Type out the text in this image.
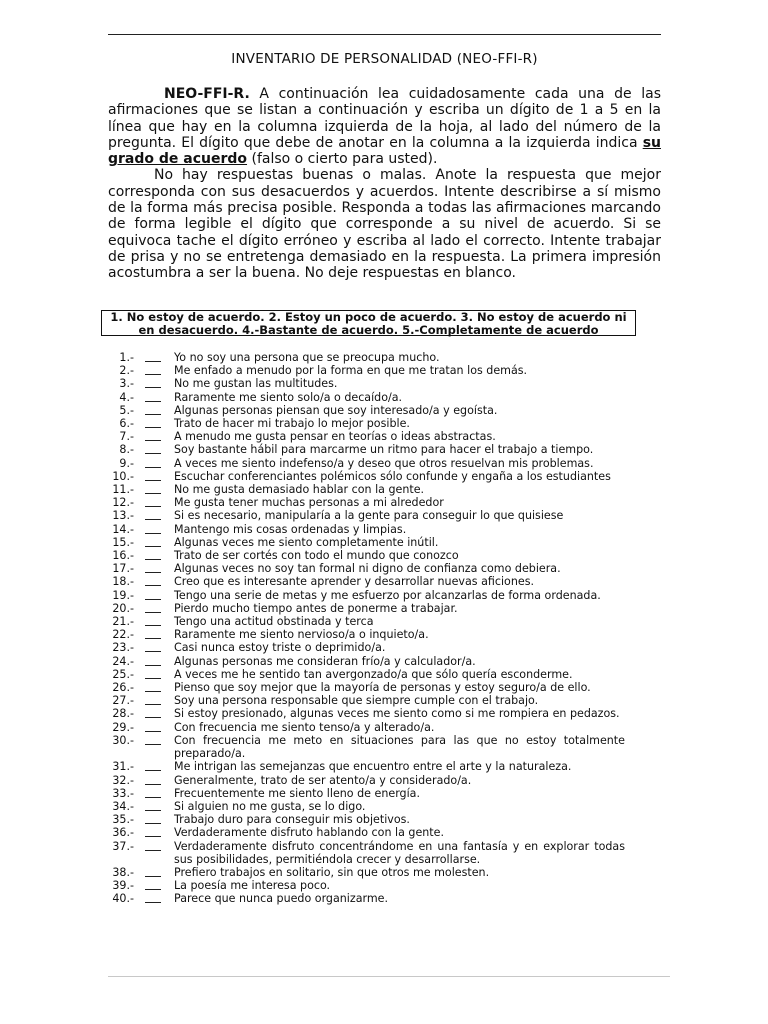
INVENTARIO DE PERSONALIDAD (NEO-FFI-R)

NEO-FFI-R. A continuación lea cuidadosamente cada una de las afirmaciones que se listan a continuación y escriba un dígito de 1 a 5 en la línea que hay en la columna izquierda de la hoja, al lado del número de la pregunta. El dígito que debe de anotar en la columna a la izquierda indica su grado de acuerdo (falso o cierto para usted).

No hay respuestas buenas o malas. Anote la respuesta que mejor corresponda con sus desacuerdos y acuerdos. Intente describirse a sí mismo de la forma más precisa posible. Responda a todas las afirmaciones marcando de forma legible el dígito que corresponde a su nivel de acuerdo. Si se equivoca tache el dígito erróneo y escriba al lado el correcto. Intente trabajar de prisa y no se entretenga demasiado en la respuesta. La primera impresión acostumbra a ser la buena. No deje respuestas en blanco.

1. No estoy de acuerdo. 2. Estoy un poco de acuerdo. 3. No estoy de acuerdo ni
en desacuerdo. 4.-Bastante de acuerdo. 5.-Completamente de acuerdo
1.-	Yo no soy una persona que se preocupa mucho.
2.-	Me enfado a menudo por la forma en que me tratan los demás.
3.-	No me gustan las multitudes.
4.-	Raramente me siento solo/a o decaído/a.
5.-	Algunas personas piensan que soy interesado/a y egoísta.
6.-	Trato de hacer mi trabajo lo mejor posible.
7.-	A menudo me gusta pensar en teorías o ideas abstractas.
8.-	Soy bastante hábil para marcarme un ritmo para hacer el trabajo a tiempo.
9.-	A veces me siento indefenso/a y deseo que otros resuelvan mis problemas.
10.-	Escuchar conferenciantes polémicos sólo confunde y engaña a los estudiantes
11.-	No me gusta demasiado hablar con la gente.
12.-	Me gusta tener muchas personas a mi alrededor
13.-	Si es necesario, manipularía a la gente para conseguir lo que quisiese
14.-	Mantengo mis cosas ordenadas y limpias.
15.-	Algunas veces me siento completamente inútil.
16.-	Trato de ser cortés con todo el mundo que conozco
17.-	Algunas veces no soy tan formal ni digno de confianza como debiera.
18.-	Creo que es interesante aprender y desarrollar nuevas aficiones.
19.-	Tengo una serie de metas y me esfuerzo por alcanzarlas de forma ordenada.
20.-	Pierdo mucho tiempo antes de ponerme a trabajar.
21.-	Tengo una actitud obstinada y terca
22.-	Raramente me siento nervioso/a o inquieto/a.
23.-	Casi nunca estoy triste o deprimido/a.
24.-	Algunas personas me consideran frío/a y calculador/a.
25.-	A veces me he sentido tan avergonzado/a que sólo quería esconderme.
26.-	Pienso que soy mejor que la mayoría de personas y estoy seguro/a de ello.
27.-	Soy una persona responsable que siempre cumple con el trabajo.
28.-	Si estoy presionado, algunas veces me siento como si me rompiera en pedazos.
29.-	Con frecuencia me siento tenso/a y alterado/a.
30.-	Con frecuencia me meto en situaciones para las que no estoy totalmente preparado/a.
31.-	Me intrigan las semejanzas que encuentro entre el arte y la naturaleza.
32.-	Generalmente, trato de ser atento/a y considerado/a.
33.-	Frecuentemente me siento lleno de energía.
34.-	Si alguien no me gusta, se lo digo.
35.-	Trabajo duro para conseguir mis objetivos.
36.-	Verdaderamente disfruto hablando con la gente.
37.-	Verdaderamente disfruto concentrándome en una fantasía y en explorar todas sus posibilidades, permitiéndola crecer y desarrollarse.
38.-	Prefiero trabajos en solitario, sin que otros me molesten.
39.-	La poesía me interesa poco.
40.-	Parece que nunca puedo organizarme.
